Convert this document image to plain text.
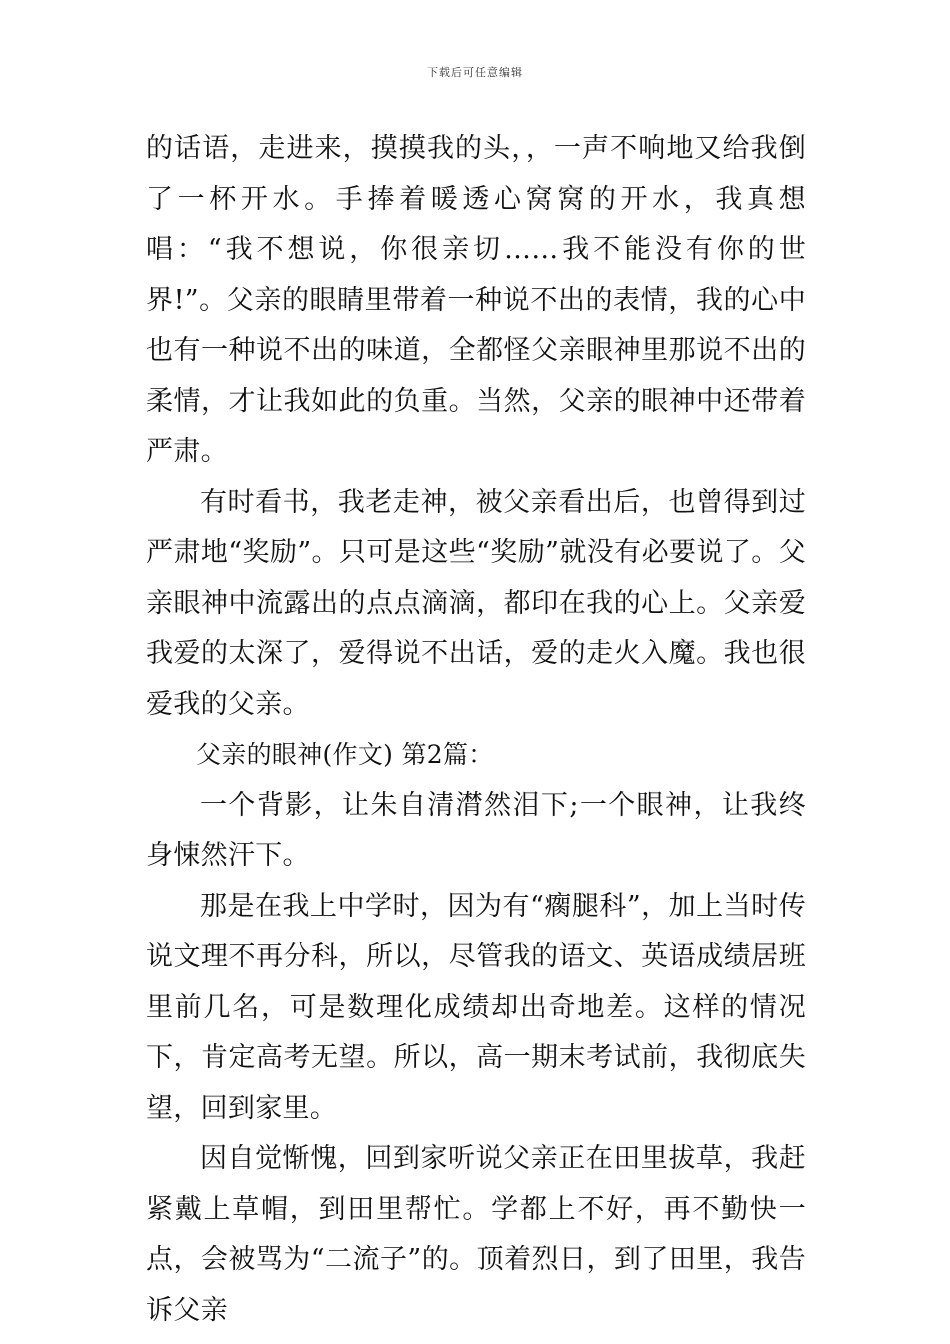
下载后可任意编辑

的话语，走进来，摸摸我的头，，一声不响地又给我倒了一杯开水。手捧着暖透心窝窝的开水，我真想唱：“我不想说，你很亲切……我不能没有你的世界!”。父亲的眼睛里带着一种说不出的表情，我的心中也有一种说不出的味道，全都怪父亲眼神里那说不出的柔情，才让我如此的负重。当然，父亲的眼神中还带着严肃。

有时看书，我老走神，被父亲看出后，也曾得到过严肃地“奖励”。只可是这些“奖励”就没有必要说了。父亲眼神中流露出的点点滴滴，都印在我的心上。父亲爱我爱的太深了，爱得说不出话，爱的走火入魔。我也很爱我的父亲。

父亲的眼神(作文) 第2篇：

一个背影，让朱自清潸然泪下;一个眼神，让我终身悚然汗下。

那是在我上中学时，因为有“瘸腿科”，加上当时传说文理不再分科，所以，尽管我的语文、英语成绩居班里前几名，可是数理化成绩却出奇地差。这样的情况下，肯定高考无望。所以，高一期末考试前，我彻底失望，回到家里。

因自觉惭愧，回到家听说父亲正在田里拔草，我赶紧戴上草帽，到田里帮忙。学都上不好，再不勤快一点，会被骂为“二流子”的。顶着烈日，到了田里，我告诉父亲
